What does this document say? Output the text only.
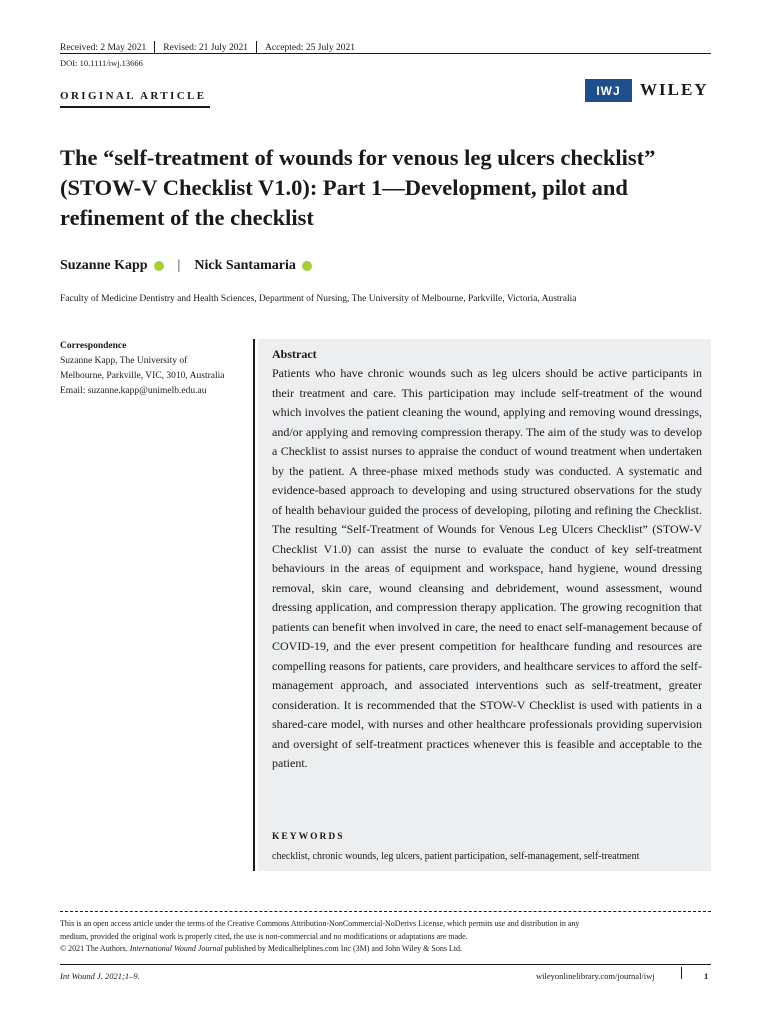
Received: 2 May 2021	Revised: 21 July 2021	Accepted: 25 July 2021
DOI: 10.1111/iwj.13666
ORIGINAL ARTICLE	IWJ	WILEY
The “self-treatment of wounds for venous leg ulcers checklist” (STOW-V Checklist V1.0): Part 1—Development, pilot and refinement of the checklist
Suzanne Kapp | Nick Santamaria
Faculty of Medicine Dentistry and Health Sciences, Department of Nursing, The University of Melbourne, Parkville, Victoria, Australia
Correspondence
Suzanne Kapp, The University of
Melbourne, Parkville, VIC, 3010, Australia
Email: suzanne.kapp@unimelb.edu.au
Abstract
Patients who have chronic wounds such as leg ulcers should be active participants in their treatment and care. This participation may include self-treatment of the wound which involves the patient cleaning the wound, applying and removing wound dressings, and/or applying and removing compression therapy. The aim of the study was to develop a Checklist to assist nurses to appraise the conduct of wound treatment when undertaken by the patient. A three-phase mixed methods study was conducted. A systematic and evidence-based approach to developing and using structured observations for the study of health behaviour guided the process of developing, piloting and refining the Checklist. The resulting “Self-Treatment of Wounds for Venous Leg Ulcers Checklist” (STOW-V Checklist V1.0) can assist the nurse to evaluate the conduct of key self-treatment behaviours in the areas of equipment and workspace, hand hygiene, wound dressing removal, skin care, wound cleansing and debridement, wound assessment, wound dressing application, and compression therapy application. The growing recognition that patients can benefit when involved in care, the need to enact self-management because of COVID-19, and the ever present competition for healthcare funding and resources are compelling reasons for patients, care providers, and healthcare services to afford the self-management approach, and associated interventions such as self-treatment, greater consideration. It is recommended that the STOW-V Checklist is used with patients in a shared-care model, with nurses and other healthcare professionals providing supervision and oversight of self-treatment practices whenever this is feasible and acceptable to the patient.
KEYWORDS
checklist, chronic wounds, leg ulcers, patient participation, self-management, self-treatment
This is an open access article under the terms of the Creative Commons Attribution-NonCommercial-NoDerivs License, which permits use and distribution in any
medium, provided the original work is properly cited, the use is non-commercial and no modifications or adaptations are made.
© 2021 The Authors. International Wound Journal published by Medicalhelplines.com Inc (3M) and John Wiley & Sons Ltd.
Int Wound J. 2021;1–9.	wileyonlinelibrary.com/journal/iwj	1
